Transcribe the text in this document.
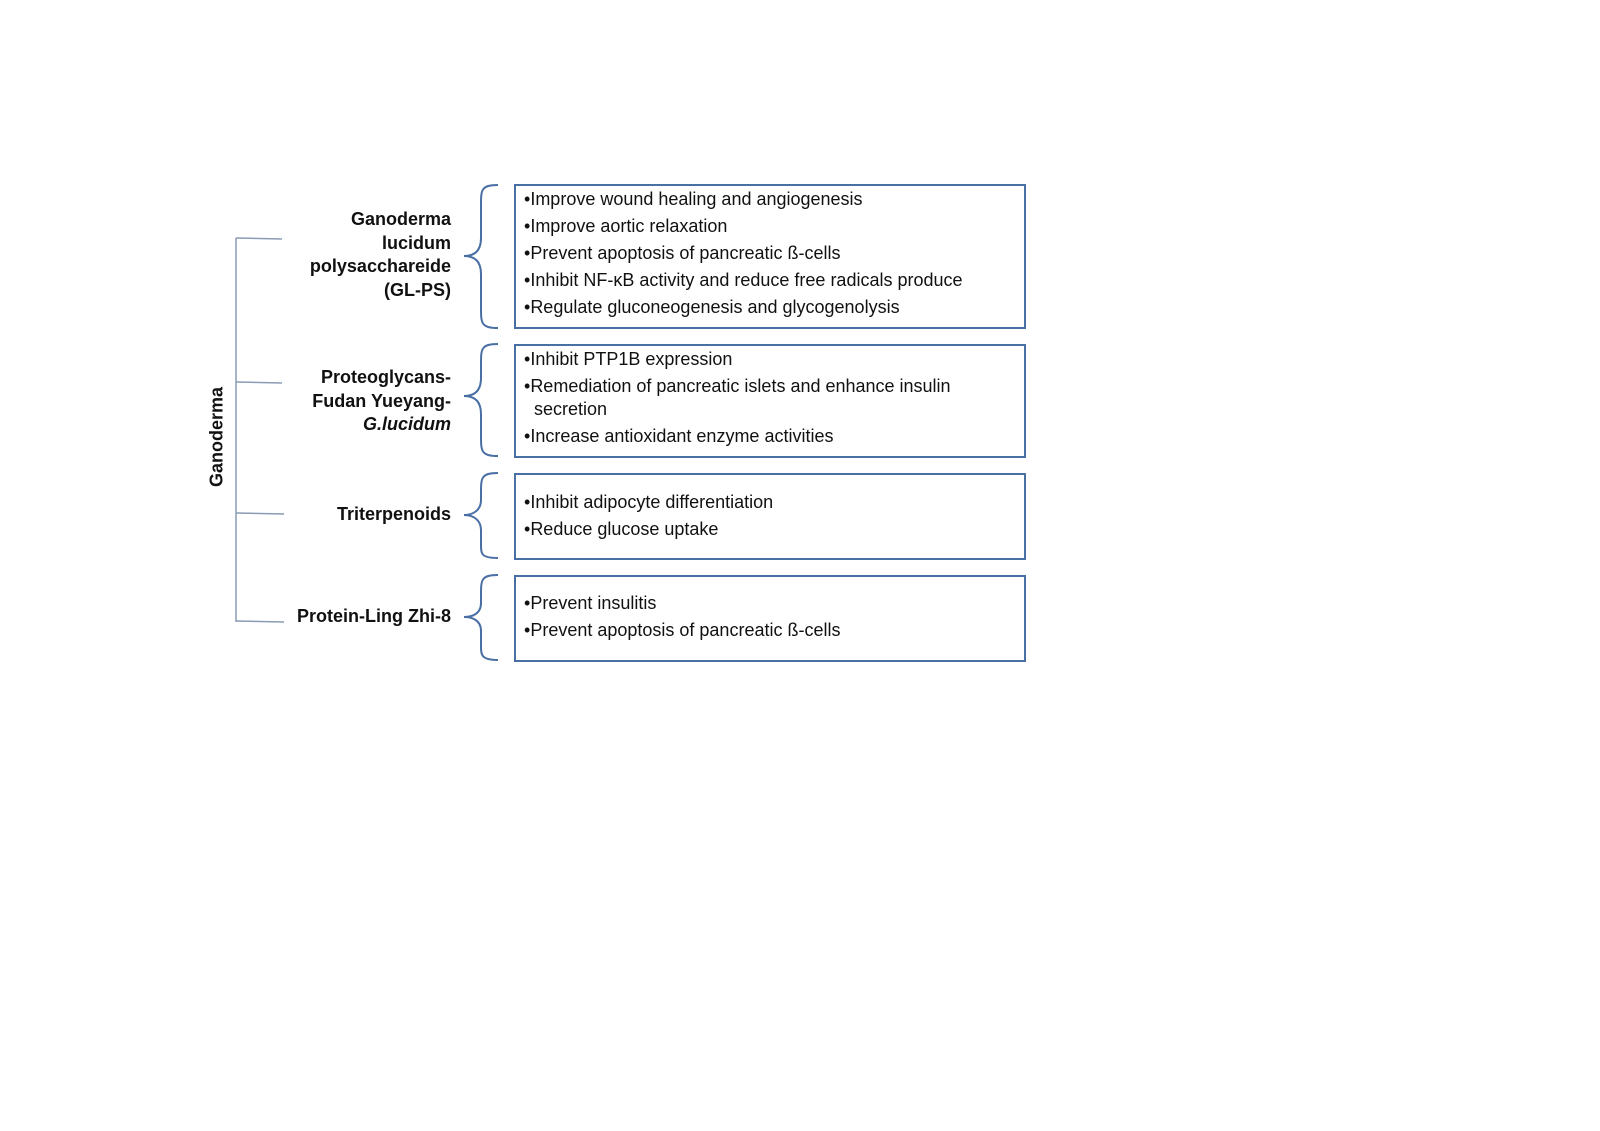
Ganoderma
Ganoderma
lucidum
polysacchareide
(GL-PS)
• Improve wound healing and angiogenesis
• Improve aortic relaxation
• Prevent apoptosis of pancreatic ß-cells
• Inhibit NF-κB activity and reduce free radicals produce
• Regulate gluconeogenesis and glycogenolysis
Proteoglycans-
Fudan Yueyang-
G.lucidum
• Inhibit PTP1B expression
• Remediation of pancreatic islets and enhance insulin secretion
• Increase antioxidant enzyme activities
Triterpenoids
• Inhibit adipocyte differentiation
• Reduce glucose uptake
Protein-Ling Zhi-8
• Prevent insulitis
• Prevent apoptosis of pancreatic ß-cells
